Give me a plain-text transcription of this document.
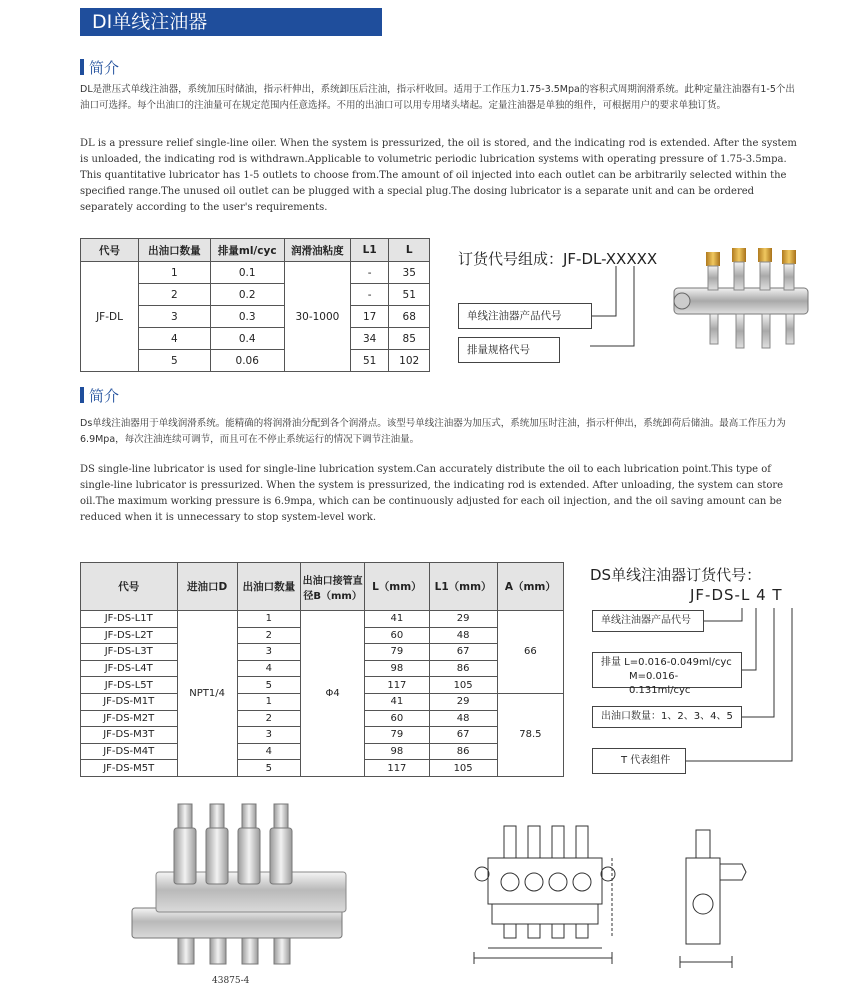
DI单线注油器
简介

DL是泄压式单线注油器，系统加压时储油，指示杆伸出，系统卸压后注油，指示杆收回。适用于工作压力1.75-3.5Mpa的容积式周期润滑系统。此种定量注油器有1-5个出油口可选择。每个出油口的注油量可在规定范围内任意选择。不用的出油口可以用专用堵头堵起。定量注油器是单独的组件，可根据用户的要求单独订货。

DL is a pressure relief single-line oiler. When the system is pressurized, the oil is stored, and the indicating rod is extended. After the system is unloaded, the indicating rod is withdrawn.Applicable to volumetric periodic lubrication systems with operating pressure of 1.75-3.5mpa. This quantitative lubricator has 1-5 outlets to choose from.The amount of oil injected into each outlet can be arbitrarily selected within the specified range.The unused oil outlet can be plugged with a special plug.The dosing lubricator is a separate unit and can be ordered separately according to the user's requirements.

代号	出油口数量	排量ml/cyc	润滑油粘度	L1	L
JF-DL	1	0.1	30-1000	-	35
	2	0.2		-	51
	3	0.3		17	68
	4	0.4		34	85
	5	0.06		51	102
订货代号组成：JF-DL-XXXXX
单线注油器产品代号
排量规格代号
简介

Ds单线注油器用于单线润滑系统。能精确的将润滑油分配到各个润滑点。该型号单线注油器为加压式，系统加压时注油，指示杆伸出，系统卸荷后储油。最高工作压力为6.9Mpa，每次注油连续可调节，而且可在不停止系统运行的情况下调节注油量。

DS single-line lubricator is used for single-line lubrication system.Can accurately distribute the oil to each lubrication point.This type of single-line lubricator is pressurized. When the system is pressurized, the indicating rod is extended. After unloading, the system can store oil.The maximum working pressure is 6.9mpa, which can be continuously adjusted for each oil injection, and the oil saving amount can be reduced when it is unnecessary to stop system-level work.

代号	进油口D	出油口数量	出油口接管直径B（mm）	L（mm）	L1（mm）	A（mm）
JF-DS-L1T	NPT1/4	1	Φ4	41	29	66
JF-DS-L2T		2		60	48	
JF-DS-L3T		3		79	67	
JF-DS-L4T		4		98	86	
JF-DS-L5T		5		117	105	
JF-DS-M1T		1		41	29	78.5
JF-DS-M2T		2		60	48	
JF-DS-M3T		3		79	67	
JF-DS-M4T		4		98	86	
JF-DS-M5T		5		117	105	
DS单线注油器订货代号：
JF-DS-L 4 T
单线注油器产品代号
排量 L=0.016-0.049ml/cyc
M=0.016-0.131ml/cyc
出油口数量：1、2、3、4、5
T 代表组件
43875-4
